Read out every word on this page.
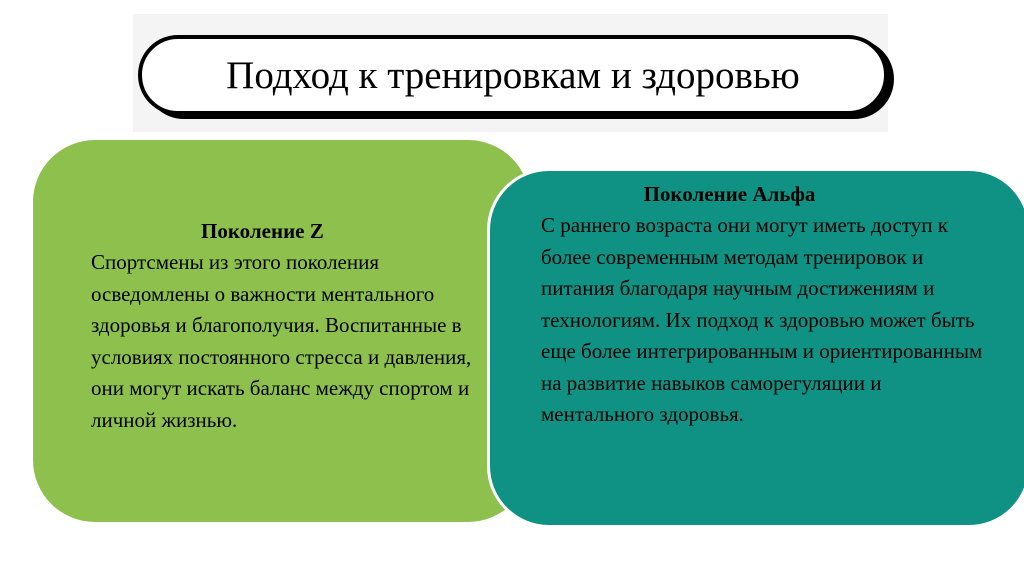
Подход к тренировкам и здоровью
Поколение Z
Спортсмены из этого поколения осведомлены о важности ментального здоровья и благополучия. Воспитанные в условиях постоянного стресса и давления, они могут искать баланс между спортом и личной жизнью.
Поколение Альфа
С раннего возраста они могут иметь доступ к более современным методам тренировок и питания благодаря научным достижениям и технологиям. Их подход к здоровью может быть еще более интегрированным и ориентированным на развитие навыков саморегуляции и ментального здоровья.
